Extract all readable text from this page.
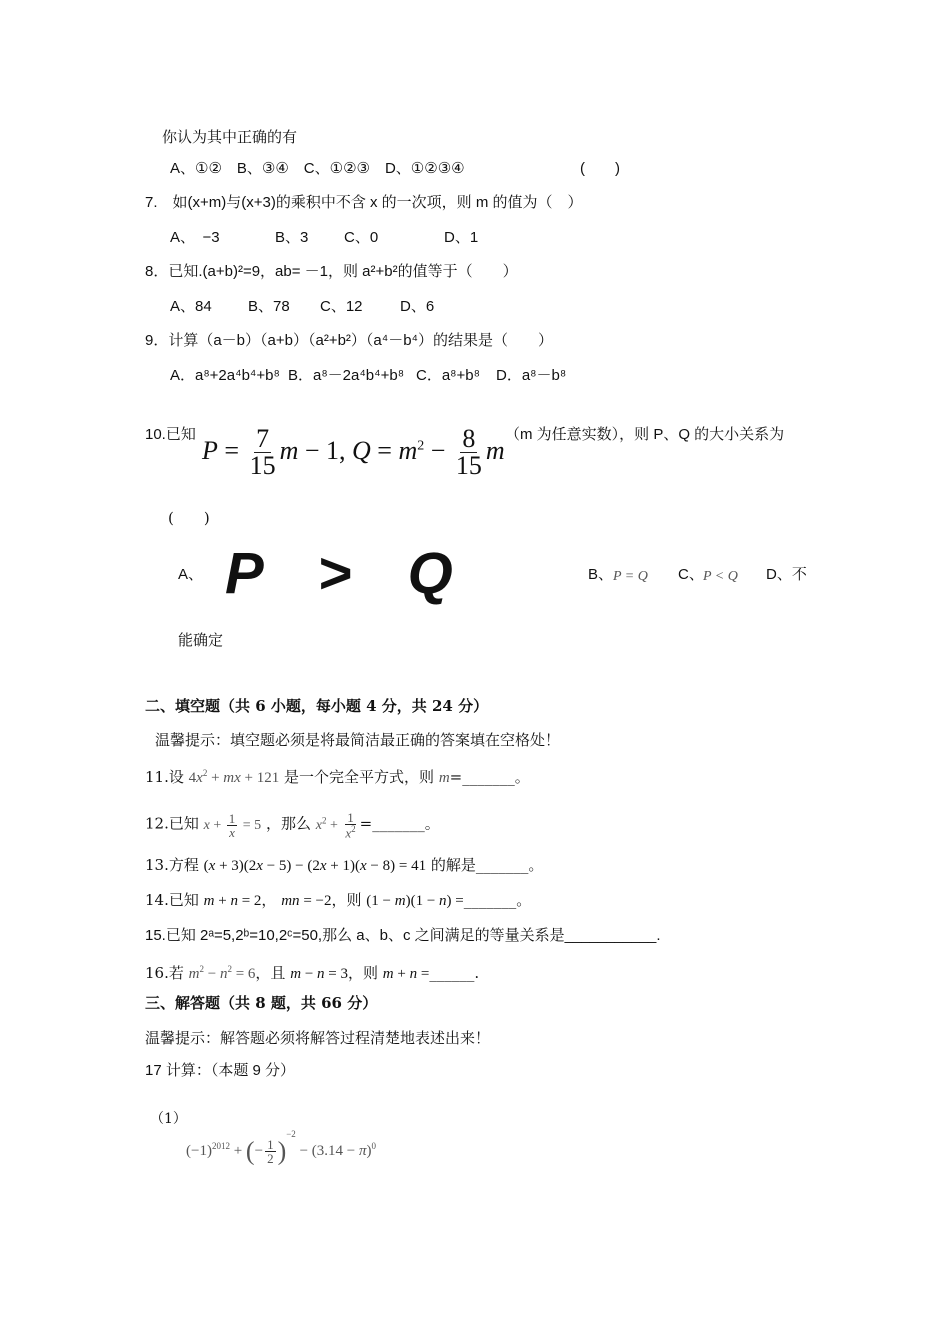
你认为其中正确的有
A、①②　B、③④　C、①②③　D、①②③④	(　　)
7.　如(x+m)与(x+3)的乘积中不含 x 的一次项，则 m 的值为（　）
A、　−3	B、3 C、0	D、1
8．已知.(a+b)²=9，ab= －1，则 a²+b²的值等于（　　）
A、84 B、78 C、12 D、6
9．计算（a－b）（a+b）（a²+b²）（a⁴－b⁴）的结果是（　　）
A．a⁸+2a⁴b⁴+b⁸ B．a⁸－2a⁴b⁴+b⁸ C．a⁸+b⁸ D．a⁸－b⁸
10.已知
$P = \frac{7}{15}$ m − 1, $Q = m^2 - \frac{8}{15}$ m
（m 为任意实数），则 P、Q 的大小关系为
(　　)
A、 P > Q	B、 P = Q C、 P < Q D、不
能确定
二、填空题（共 6 小题，每小题 4 分，共 24 分）
温馨提示：填空题必须是将最简洁最正确的答案填在空格处！
11.设 $4x^2$ + mx + 121 是一个完全平方式，则 m=_______。
12.已知 $x + \frac{1}{x} = 5$ ，那么 $x^2 + \frac{1}{x^2}$ =_______。
13.方程 (x + 3)(2x − 5) − (2x + 1)(x − 8) = 41 的解是_______。
14.已知 m + n = 2， mn = −2，则 (1 − m)(1 − n) =_______。
15.已知 2ᵃ=5,2ᵇ=10,2ᶜ=50,那么 a、b、c 之间满足的等量关系是___________.
16.若 $m^2 - n^2 = 6$，且 m − n = 3，则 m + n =______.
三、解答题（共 8 题，共 66 分）
温馨提示：解答题必须将解答过程清楚地表述出来！
17 计算：（本题 9 分）
（1）
$(-1)^{2012}$ + (− $\frac{1}{2} )^{-2} - (3.14 - \pi)^0$
